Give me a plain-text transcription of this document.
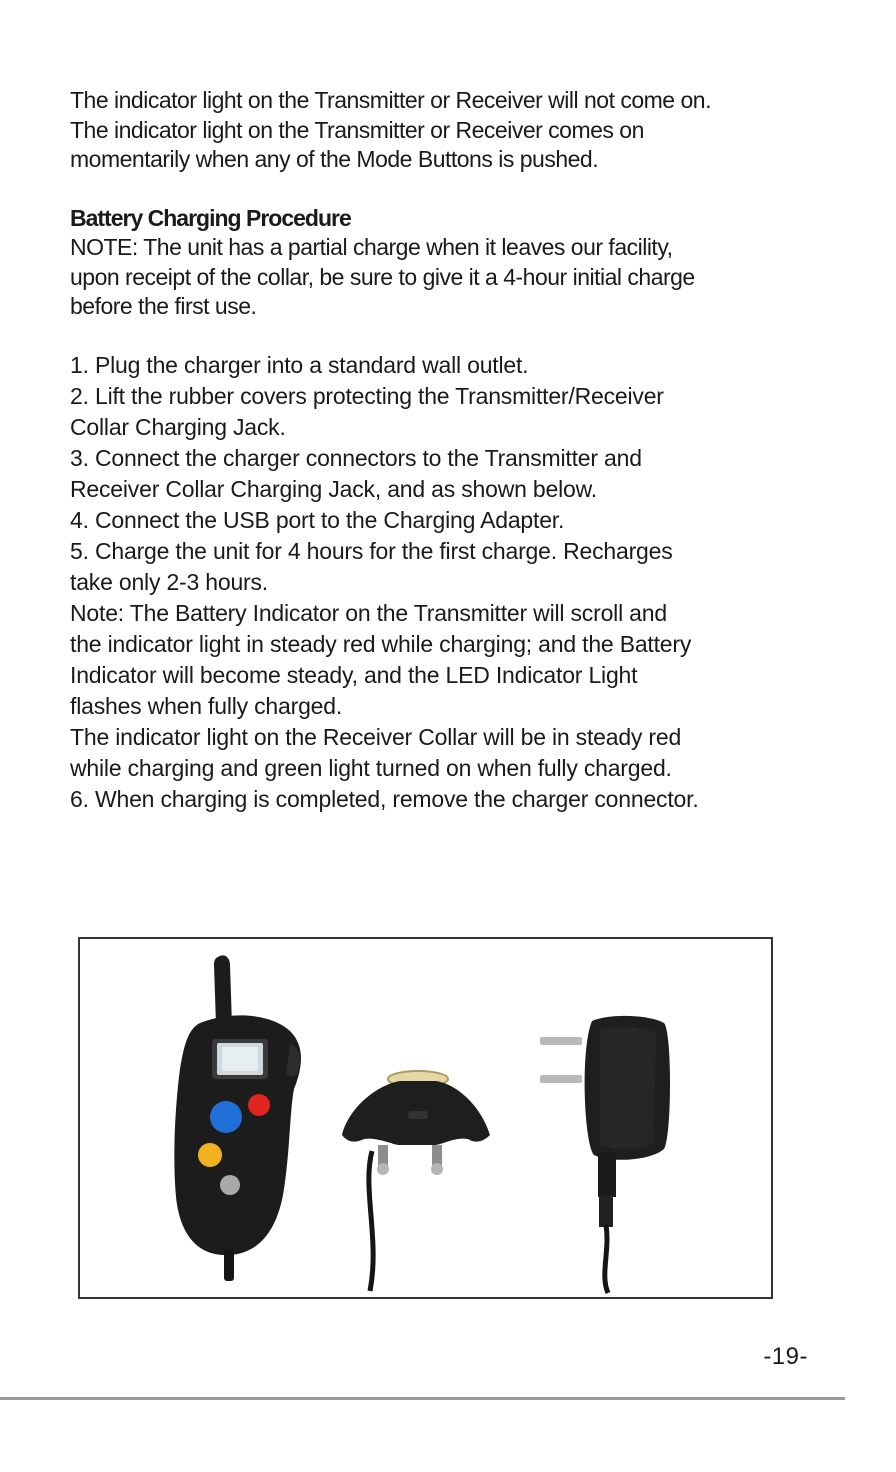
The indicator light on the Transmitter or Receiver will not come on.
The indicator light on the Transmitter or Receiver comes on
momentarily when any of the Mode Buttons is pushed.
Battery Charging Procedure
NOTE: The unit has a partial charge when it leaves our facility,
upon receipt of the collar, be sure to give it a 4-hour initial charge
before the first use.
1. Plug the charger into a standard wall outlet.
2. Lift the rubber covers protecting the Transmitter/Receiver
Collar Charging Jack.
3. Connect the charger connectors to the Transmitter and
Receiver Collar Charging Jack, and as shown below.
4. Connect the USB port to the Charging Adapter.
5. Charge the unit for 4 hours for the first charge. Recharges
take only 2-3 hours.
Note: The Battery Indicator on the Transmitter will scroll and
the indicator light in steady red while charging; and the Battery
Indicator will become steady, and the LED Indicator Light
flashes when fully charged.
The indicator light on the Receiver Collar will be in steady red
while charging and green light turned on when fully charged.
6. When charging is completed, remove the charger connector.
-19-
